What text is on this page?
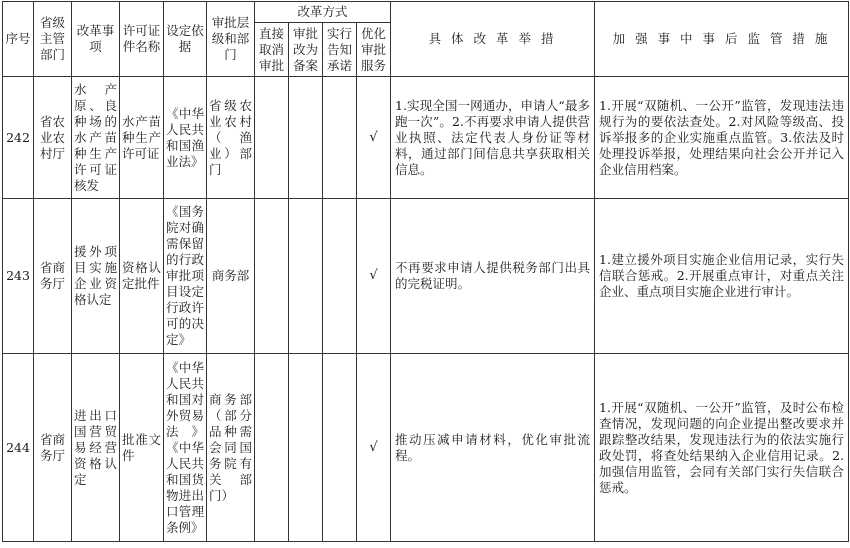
序号	省级主管部门	改革事项	许可证件名称	设定依据	审批层级和部门	改革方式				具 体 改 革 举 措	加 强 事 中 事 后 监 管 措 施
						直接取消审批	审批改为备案	实行告知承诺	优化审批服务		
242	省农业农村厅	水产原、良种场的水产苗种生产许可证核发	水产苗种生产许可证	《中华人民共和国渔业法》	省级农业农村（渔业）部门				√	1.实现全国一网通办，申请人“最多跑一次”。2.不再要求申请人提供营业执照、法定代表人身份证等材料，通过部门间信息共享获取相关信息。	1.开展“双随机、一公开”监管，发现违法违规行为的要依法查处。2.对风险等级高、投诉举报多的企业实施重点监管。3.依法及时处理投诉举报，处理结果向社会公开并记入企业信用档案。
243	省商务厅	援外项目实施企业资格认定	资格认定批件	《国务院对确需保留的行政审批项目设定行政许可的决定》	商务部				√	不再要求申请人提供税务部门出具的完税证明。	1.建立援外项目实施企业信用记录，实行失信联合惩戒。2.开展重点审计，对重点关注企业、重点项目实施企业进行审计。
244	省商务厅	进出口国营贸易经营资格认定	批准文件	《中华人民共和国对外贸易法》《中华人民共和国货物进出口管理条例》	商务部（部分品种需会同国务院有关部门）				√	推动压减申请材料，优化审批流程。	1.开展“双随机、一公开”监管，及时公布检查情况，发现问题的向企业提出整改要求并跟踪整改结果，发现违法行为的依法实施行政处罚，将查处结果纳入企业信用记录。2.加强信用监管，会同有关部门实行失信联合惩戒。
